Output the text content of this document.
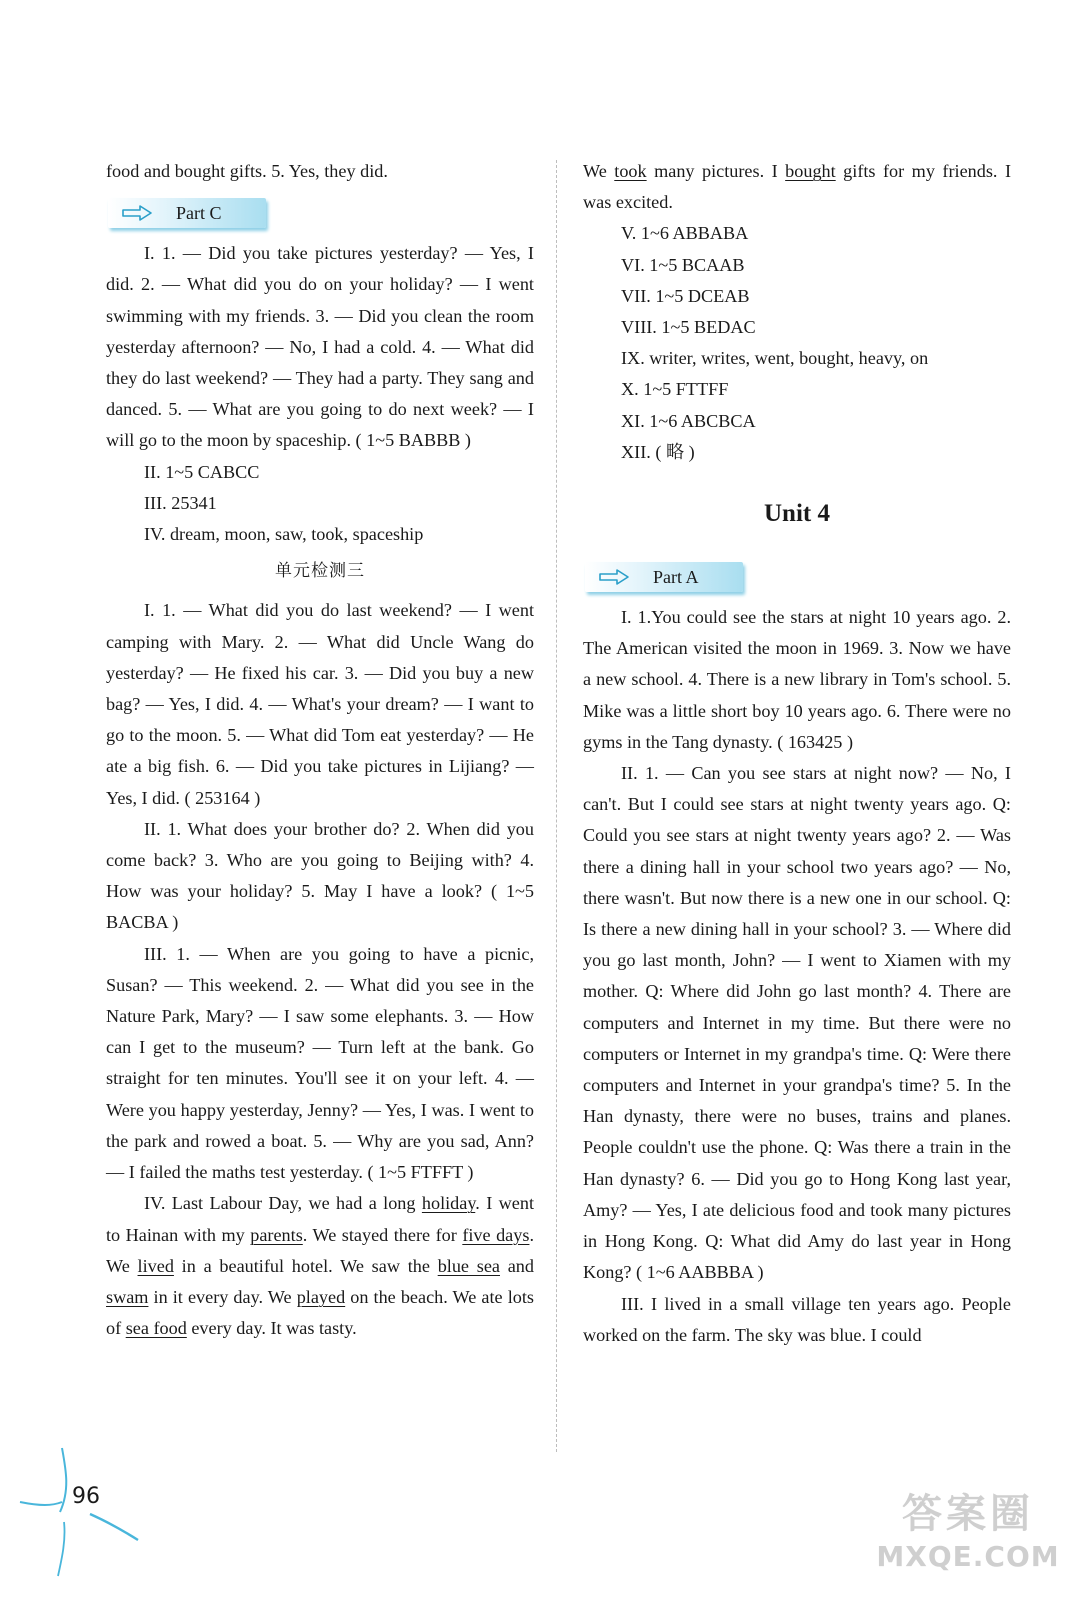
food and bought gifts. 5. Yes, they did.

Part C

I. 1. — Did you take pictures yesterday? — Yes, I did. 2. — What did you do on your holiday? — I went swimming with my friends. 3. — Did you clean the room yesterday afternoon? — No, I had a cold. 4. — What did they do last weekend? — They had a party. They sang and danced. 5. — What are you going to do next week? — I will go to the moon by spaceship. ( 1~5 BABBB )

II. 1~5 CABCC

III. 25341

IV. dream, moon, saw, took, spaceship

单元检测三

I. 1. — What did you do last weekend? — I went camping with Mary. 2. — What did Uncle Wang do yesterday? — He fixed his car. 3. — Did you buy a new bag? — Yes, I did. 4. — What's your dream? — I want to go to the moon. 5. — What did Tom eat yesterday? — He ate a big fish. 6. — Did you take pictures in Lijiang? — Yes, I did. ( 253164 )

II. 1. What does your brother do? 2. When did you come back? 3. Who are you going to Beijing with? 4. How was your holiday? 5. May I have a look? ( 1~5 BACBA )

III. 1. — When are you going to have a picnic, Susan? — This weekend. 2. — What did you see in the Nature Park, Mary? — I saw some elephants. 3. — How can I get to the museum? — Turn left at the bank. Go straight for ten minutes. You'll see it on your left. 4. — Were you happy yesterday, Jenny? — Yes, I was. I went to the park and rowed a boat. 5. — Why are you sad, Ann? — I failed the maths test yesterday. ( 1~5 FTFFT )

IV. Last Labour Day, we had a long holiday. I went to Hainan with my parents. We stayed there for five days. We lived in a beautiful hotel. We saw the blue sea and swam in it every day. We played on the beach. We ate lots of sea food every day. It was tasty.

We took many pictures. I bought gifts for my friends. I was excited.

V. 1~6 ABBABA

VI. 1~5 BCAAB

VII. 1~5 DCEAB

VIII. 1~5 BEDAC

IX. writer, writes, went, bought, heavy, on

X. 1~5 FTTFF

XI. 1~6 ABCBCA

XII. ( 略 )

Unit 4
Part A

I. 1.You could see the stars at night 10 years ago. 2. The American visited the moon in 1969. 3. Now we have a new school. 4. There is a new library in Tom's school. 5. Mike was a little short boy 10 years ago. 6. There were no gyms in the Tang dynasty. ( 163425 )

II. 1. — Can you see stars at night now? — No, I can't. But I could see stars at night twenty years ago. Q: Could you see stars at night twenty years ago? 2. — Was there a dining hall in your school two years ago? — No, there wasn't. But now there is a new one in our school. Q: Is there a new dining hall in your school? 3. — Where did you go last month, John? — I went to Xiamen with my mother. Q: Where did John go last month? 4. There are computers and Internet in my time. But there were no computers or Internet in my grandpa's time. Q: Were there computers and Internet in your grandpa's time? 5. In the Han dynasty, there were no buses, trains and planes. People couldn't use the phone. Q: Was there a train in the Han dynasty? 6. — Did you go to Hong Kong last year, Amy? — Yes, I ate delicious food and took many pictures in Hong Kong. Q: What did Amy do last year in Hong Kong? ( 1~6 AABBBA )

III. I lived in a small village ten years ago. People worked on the farm. The sky was blue. I could

96	答案圈
MXQE.COM
